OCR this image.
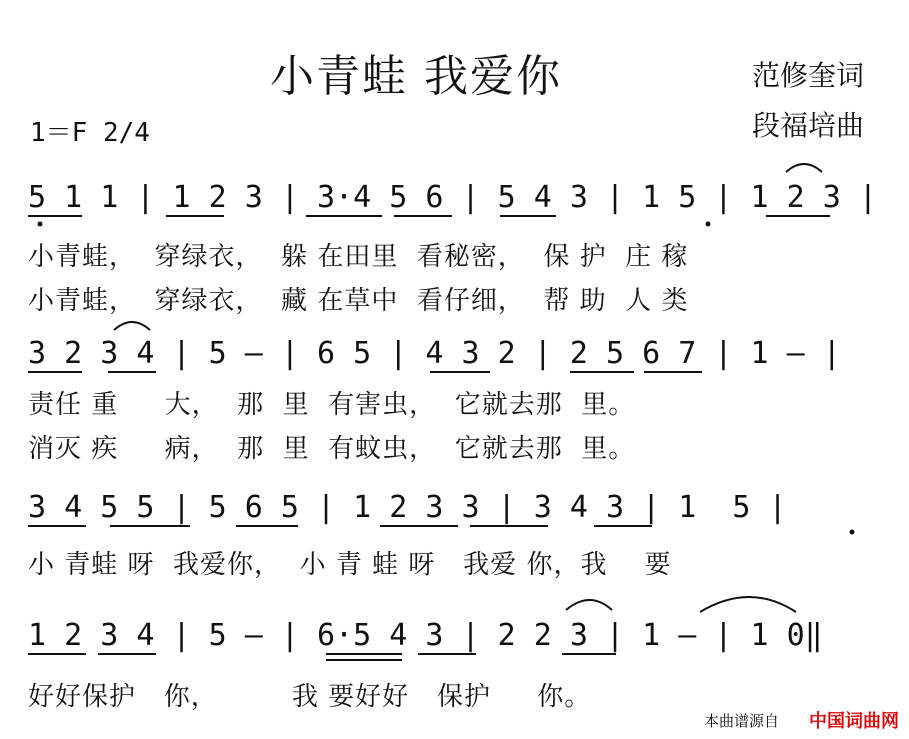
小青蛙 我爱你	范修奎词
段福培曲
1＝F 2/4
5 1 1 | 1 2 3 | 3·4 5 6 | 5 4 3 | 1 5 | 1 2 3 |
小青蛙，  穿绿衣，  躲 在田里  看秘密，  保 护  庄 稼
小青蛙，  穿绿衣，  藏 在草中  看仔细，  帮 助  人 类
3 2 3 4 | 5 — | 6 5 | 4 3 2 | 2 5 6 7 | 1 — |
责任 重     大，  那  里  有害虫，  它就去那  里。
消灭 疾     病，  那  里  有蚊虫，  它就去那  里。
3 4 5 5 | 5 6 5 | 1 2 3 3 | 3 4 3 | 1  5 |
小 青蛙 呀  我爱你，  小 青 蛙 呀   我爱 你，我    要
1 2 3 4 | 5 — | 6·5 4 3 | 2 2 3 | 1 — | 1 0‖
好好保护   你，        我 要好好   保护     你。
本曲谱源自 中国词曲网
